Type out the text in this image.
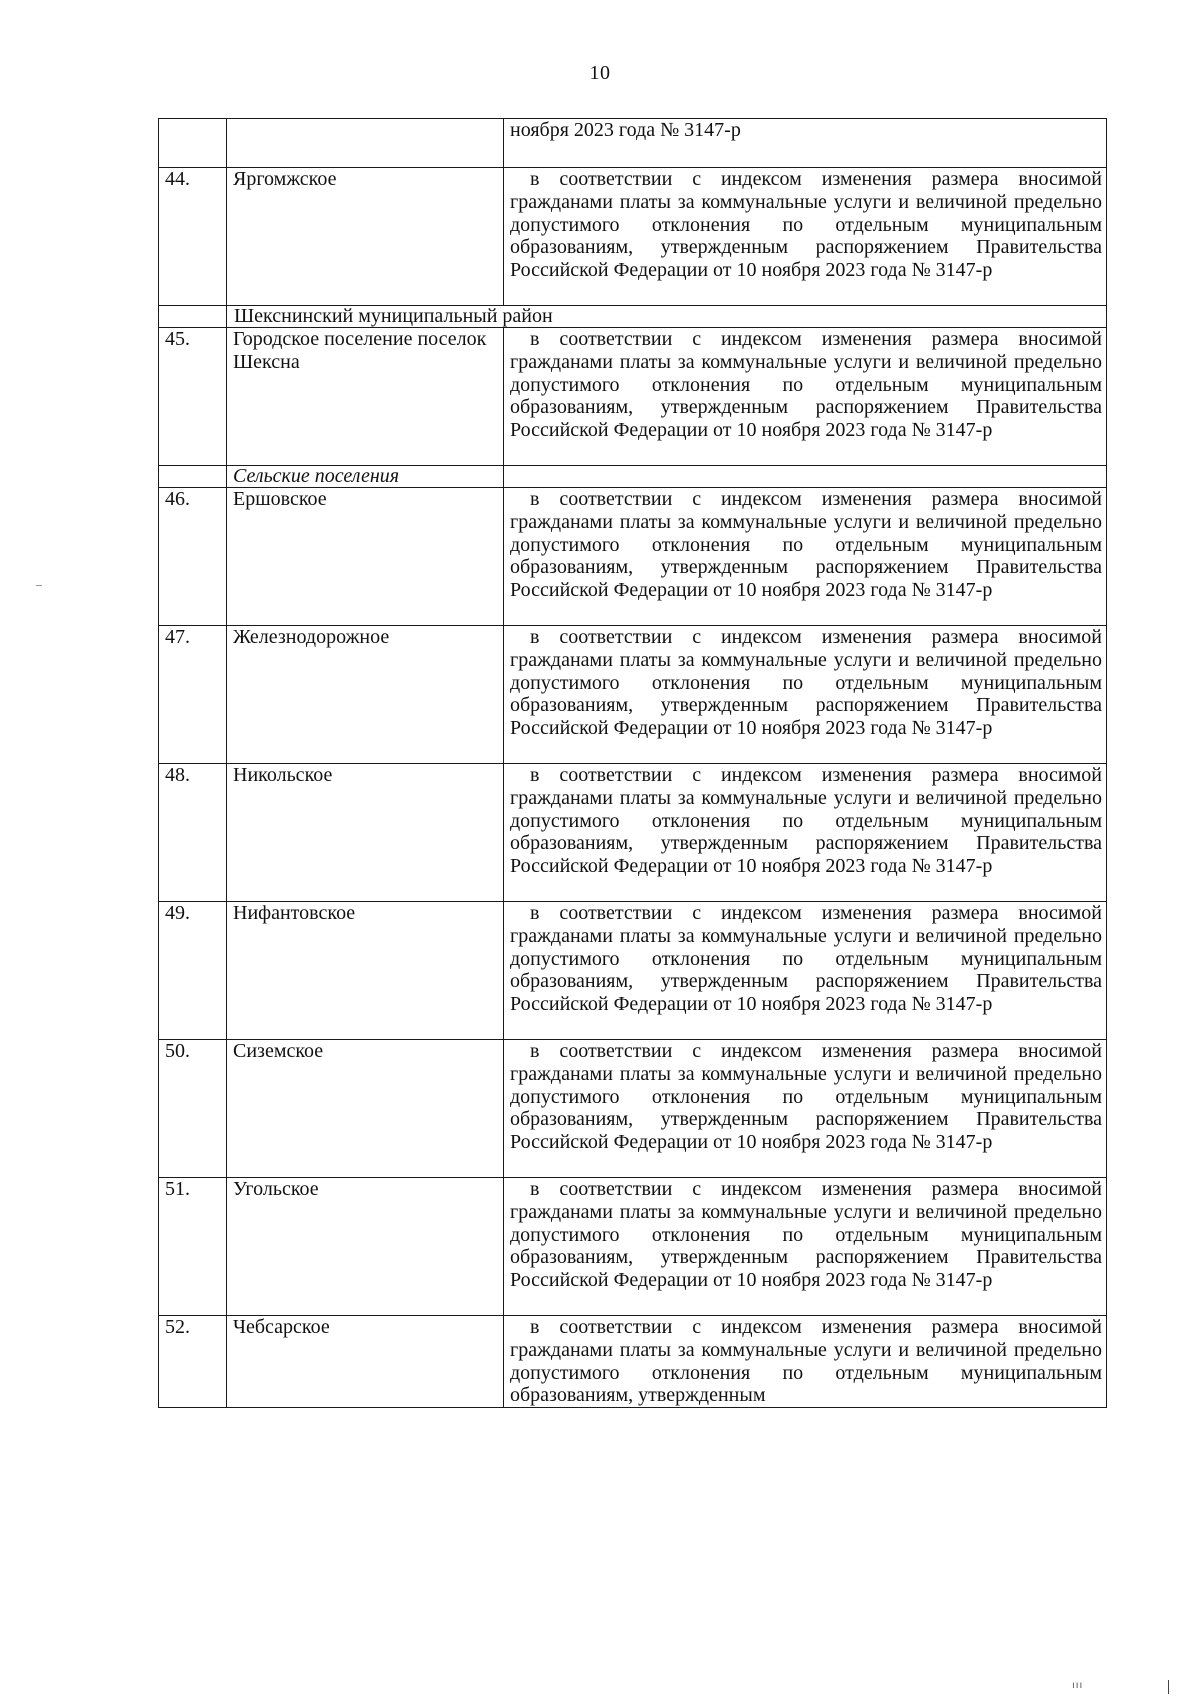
10
		ноября 2023 года № 3147-р
44.	Яргомжское	в соответствии с индексом изменения размера вносимой гражданами платы за коммунальные услуги и величиной предельно допустимого отклонения по отдельным муниципальным образованиям, утвержденным распоряжением Правительства Российской Федерации от 10 ноября 2023 года № 3147-р

	Шекснинский муниципальный район	
45.	Городское поселение поселок Шексна	в соответствии с индексом изменения размера вносимой гражданами платы за коммунальные услуги и величиной предельно допустимого отклонения по отдельным муниципальным образованиям, утвержденным распоряжением Правительства Российской Федерации от 10 ноября 2023 года № 3147-р

	Сельские поселения	
46.	Ершовское	в соответствии с индексом изменения размера вносимой гражданами платы за коммунальные услуги и величиной предельно допустимого отклонения по отдельным муниципальным образованиям, утвержденным распоряжением Правительства Российской Федерации от 10 ноября 2023 года № 3147-р

47.	Железнодорожное	в соответствии с индексом изменения размера вносимой гражданами платы за коммунальные услуги и величиной предельно допустимого отклонения по отдельным муниципальным образованиям, утвержденным распоряжением Правительства Российской Федерации от 10 ноября 2023 года № 3147-р

48.	Никольское	в соответствии с индексом изменения размера вносимой гражданами платы за коммунальные услуги и величиной предельно допустимого отклонения по отдельным муниципальным образованиям, утвержденным распоряжением Правительства Российской Федерации от 10 ноября 2023 года № 3147-р

49.	Нифантовское	в соответствии с индексом изменения размера вносимой гражданами платы за коммунальные услуги и величиной предельно допустимого отклонения по отдельным муниципальным образованиям, утвержденным распоряжением Правительства Российской Федерации от 10 ноября 2023 года № 3147-р

50.	Сиземское	в соответствии с индексом изменения размера вносимой гражданами платы за коммунальные услуги и величиной предельно допустимого отклонения по отдельным муниципальным образованиям, утвержденным распоряжением Правительства Российской Федерации от 10 ноября 2023 года № 3147-р

51.	Угольское	в соответствии с индексом изменения размера вносимой гражданами платы за коммунальные услуги и величиной предельно допустимого отклонения по отдельным муниципальным образованиям, утвержденным распоряжением Правительства Российской Федерации от 10 ноября 2023 года № 3147-р

52.	Чебсарское	в соответствии с индексом изменения размера вносимой гражданами платы за коммунальные услуги и величиной предельно допустимого отклонения по отдельным муниципальным образованиям, утвержденным
ııı
